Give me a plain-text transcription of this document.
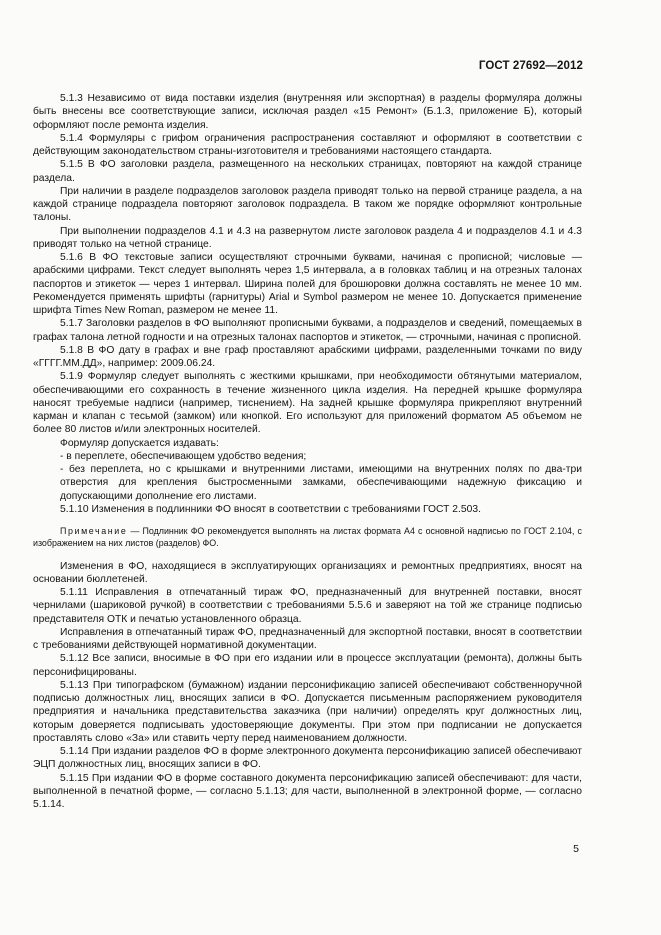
ГОСТ 27692—2012

5.1.3 Независимо от вида поставки изделия (внутренняя или экспортная) в разделы формуляра должны быть внесены все соответствующие записи, исключая раздел «15 Ремонт» (Б.1.3, приложение Б), который оформляют после ремонта изделия.

5.1.4 Формуляры с грифом ограничения распространения составляют и оформляют в соответствии с действующим законодательством страны-изготовителя и требованиями настоящего стандарта.

5.1.5 В ФО заголовки раздела, размещенного на нескольких страницах, повторяют на каждой странице раздела.

При наличии в разделе подразделов заголовок раздела приводят только на первой странице раздела, а на каждой странице подраздела повторяют заголовок подраздела. В таком же порядке оформляют контрольные талоны.

При выполнении подразделов 4.1 и 4.3 на развернутом листе заголовок раздела 4 и подразделов 4.1 и 4.3 приводят только на четной странице.

5.1.6 В ФО текстовые записи осуществляют строчными буквами, начиная с прописной; числовые — арабскими цифрами. Текст следует выполнять через 1,5 интервала, а в головках таблиц и на отрезных талонах паспортов и этикеток — через 1 интервал. Ширина полей для брошюровки должна составлять не менее 10 мм. Рекомендуется применять шрифты (гарнитуры) Arial и Symbol размером не менее 10. Допускается применение шрифта Times New Roman, размером не менее 11.

5.1.7 Заголовки разделов в ФО выполняют прописными буквами, а подразделов и сведений, помещаемых в графах талона летной годности и на отрезных талонах паспортов и этикеток, — строчными, начиная с прописной.

5.1.8 В ФО дату в графах и вне граф проставляют арабскими цифрами, разделенными точками по виду «ГГГГ.ММ.ДД», например: 2009.06.24.

5.1.9 Формуляр следует выполнять с жесткими крышками, при необходимости обтянутыми материалом, обеспечивающими его сохранность в течение жизненного цикла изделия. На передней крышке формуляра наносят требуемые надписи (например, тиснением). На задней крышке формуляра прикрепляют внутренний карман и клапан с тесьмой (замком) или кнопкой. Его используют для приложений форматом А5 объемом не более 80 листов и/или электронных носителей.

Формуляр допускается издавать:

- в переплете, обеспечивающем удобство ведения;

- без переплета, но с крышками и внутренними листами, имеющими на внутренних полях по два-три отверстия для крепления быстросменными замками, обеспечивающими надежную фиксацию и допускающими дополнение его листами.

5.1.10 Изменения в подлинники ФО вносят в соответствии с требованиями ГОСТ 2.503.

Примечание — Подлинник ФО рекомендуется выполнять на листах формата А4 с основной надписью по ГОСТ 2.104, с изображением на них листов (разделов) ФО.

Изменения в ФО, находящиеся в эксплуатирующих организациях и ремонтных предприятиях, вносят на основании бюллетеней.

5.1.11 Исправления в отпечатанный тираж ФО, предназначенный для внутренней поставки, вносят чернилами (шариковой ручкой) в соответствии с требованиями 5.5.6 и заверяют на той же странице подписью представителя ОТК и печатью установленного образца.

Исправления в отпечатанный тираж ФО, предназначенный для экспортной поставки, вносят в соответствии с требованиями действующей нормативной документации.

5.1.12 Все записи, вносимые в ФО при его издании или в процессе эксплуатации (ремонта), должны быть персонифицированы.

5.1.13 При типографском (бумажном) издании персонификацию записей обеспечивают собственноручной подписью должностных лиц, вносящих записи в ФО. Допускается письменным распоряжением руководителя предприятия и начальника представительства заказчика (при наличии) определять круг должностных лиц, которым доверяется подписывать удостоверяющие документы. При этом при подписании не допускается проставлять слово «За» или ставить черту перед наименованием должности.

5.1.14 При издании разделов ФО в форме электронного документа персонификацию записей обеспечивают ЭЦП должностных лиц, вносящих записи в ФО.

5.1.15 При издании ФО в форме составного документа персонификацию записей обеспечивают: для части, выполненной в печатной форме, — согласно 5.1.13; для части, выполненной в электронной форме, — согласно 5.1.14.

5
